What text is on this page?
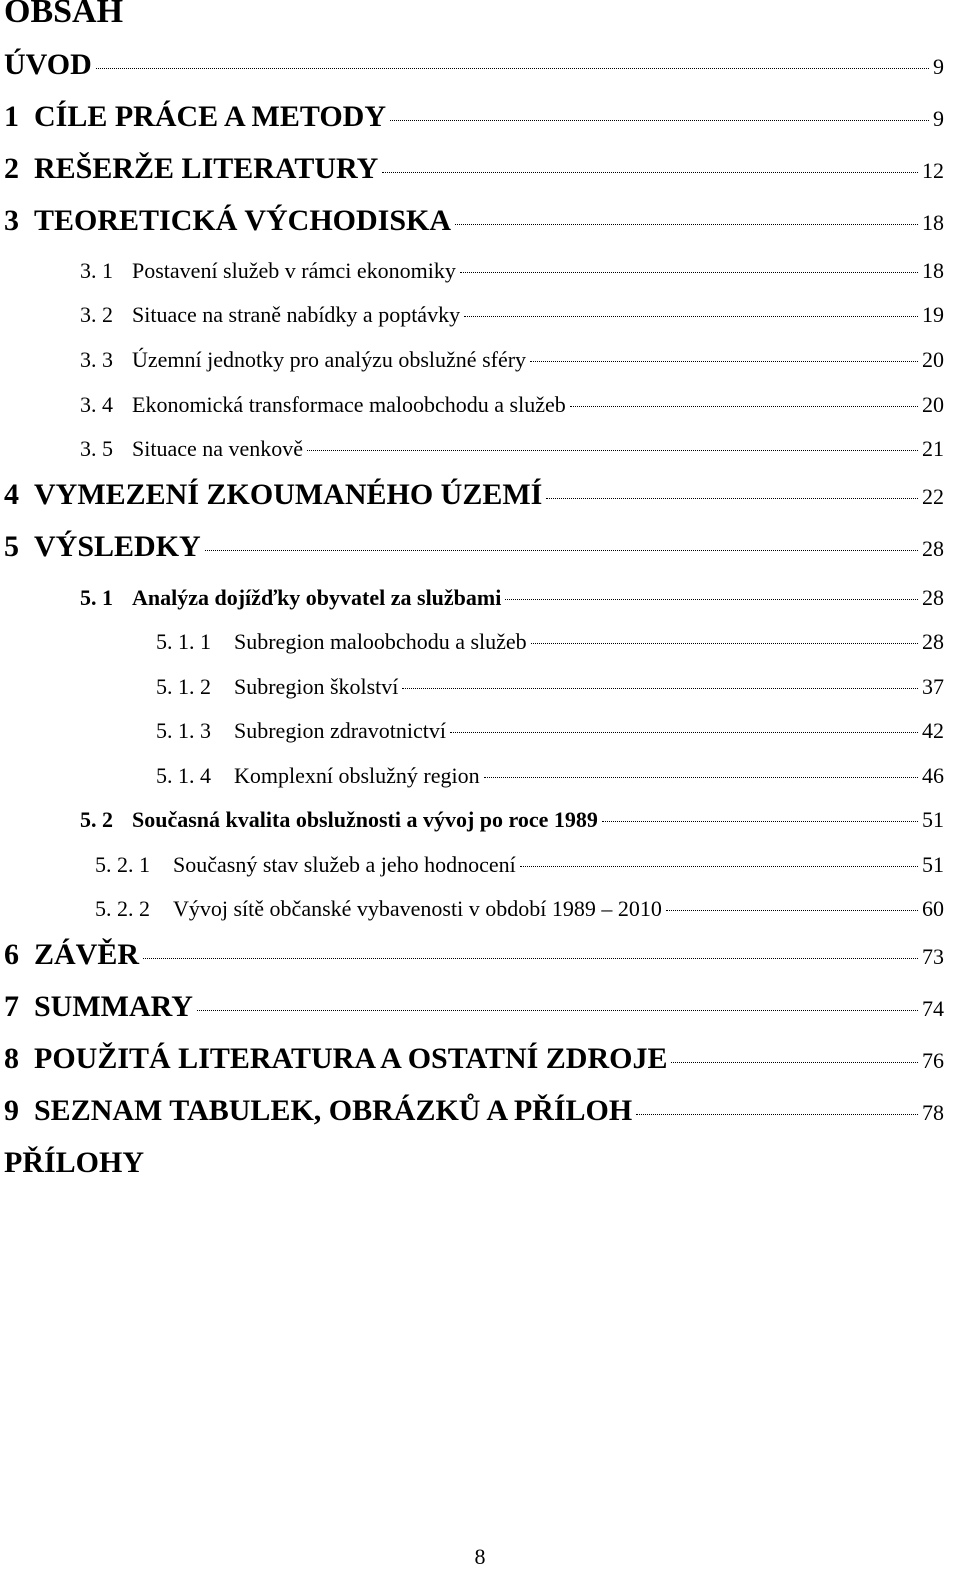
OBSAH
ÚVOD	9
1 CÍLE PRÁCE A METODY	9
2 REŠERŽE LITERATURY	12
3 TEORETICKÁ VÝCHODISKA	18
3. 1 Postavení služeb v rámci ekonomiky	18
3. 2 Situace na straně nabídky a poptávky	19
3. 3 Územní jednotky pro analýzu obslužné sféry	20
3. 4 Ekonomická transformace maloobchodu a služeb	20
3. 5 Situace na venkově	21
4 VYMEZENÍ ZKOUMANÉHO ÚZEMÍ	22
5 VÝSLEDKY	28
5. 1 Analýza dojížďky obyvatel za službami	28
5. 1. 1	Subregion maloobchodu a služeb	28
5. 1. 2	Subregion školství	37
5. 1. 3	Subregion zdravotnictví	42
5. 1. 4	Komplexní obslužný region	46
5. 2 Současná kvalita obslužnosti a vývoj po roce 1989	51
5. 2. 1	Současný stav služeb a jeho hodnocení	51
5. 2. 2	Vývoj sítě občanské vybavenosti v období 1989 – 2010	60
6 ZÁVĚR	73
7 SUMMARY	74
8 POUŽITÁ LITERATURA A OSTATNÍ ZDROJE	76
9 SEZNAM TABULEK, OBRÁZKŮ A PŘÍLOH	78
PŘÍLOHY
8
